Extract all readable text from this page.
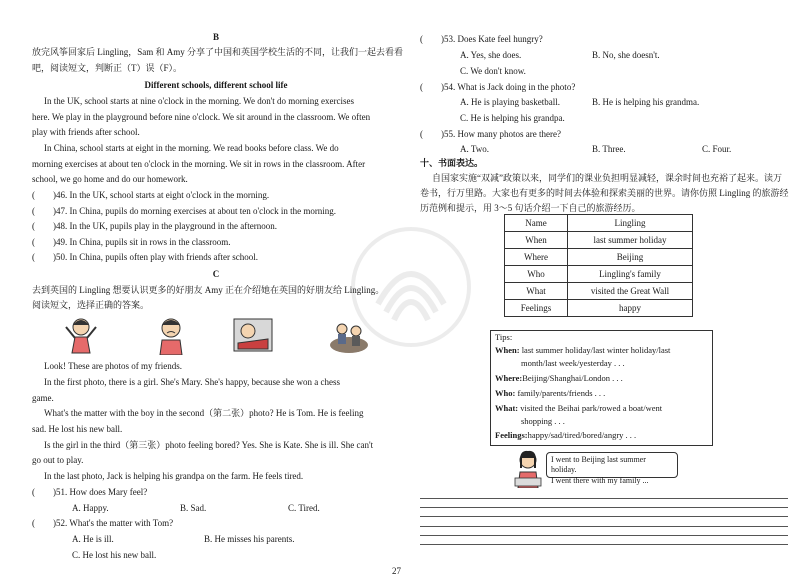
B
放完风筝回家后 Lingling，Sam 和 Amy 分享了中国和英国学校生活的不同，让我们一起去看看
吧，阅读短文，判断正（T）误（F）。
Different schools, different school life
In the UK, school starts at nine o'clock in the morning. We don't do morning exercises
here. We play in the playground before nine o'clock. We sit around in the classroom. We often
play with friends after school.
In China, school starts at eight in the morning. We read books before class. We do
morning exercises at about ten o'clock in the morning. We sit in rows in the classroom. After
school, we go home and do our homework.
(　　)46. In the UK, school starts at eight o'clock in the morning.
(　　)47. In China, pupils do morning exercises at about ten o'clock in the morning.
(　　)48. In the UK, pupils play in the playground in the afternoon.
(　　)49. In China, pupils sit in rows in the classroom.
(　　)50. In China, pupils often play with friends after school.
C
去到英国的 Lingling 想要认识更多的好朋友 Amy 正在介绍她在英国的好朋友给 Lingling。
阅读短文，选择正确的答案。
Look! These are photos of my friends.
In the first photo, there is a girl. She's Mary. She's happy, because she won a chess
game.
What's the matter with the boy in the second（第二张）photo? He is Tom. He is feeling
sad. He lost his new ball.
Is the girl in the third（第三张）photo feeling bored? Yes. She is Kate. She is ill. She can't
go out to play.
In the last photo, Jack is helping his grandpa on the farm. He feels tired.
(　　)51. How does Mary feel?
A. Happy.	B. Sad.	C. Tired.
(　　)52. What's the matter with Tom?
A. He is ill.	B. He misses his parents.
C. He lost his new ball.
(　　)53. Does Kate feel hungry?
A. Yes, she does.	B. No, she doesn't.
C. We don't know.
(　　)54. What is Jack doing in the photo?
A. He is playing basketball.	B. He is helping his grandma.
C. He is helping his grandpa.
(　　)55. How many photos are there?
A. Two.	B. Three.	C. Four.
十、书面表达。
自国家实施“双减”政策以来，同学们的课业负担明显减轻，课余时间也充裕了起来。读万
卷书，行万里路。大家也有更多的时间去体验和探索美丽的世界。请你仿照 Lingling 的旅游经
历范例和提示，用 3～5 句话介绍一下自己的旅游经历。
Name	Lingling
When	last summer holiday
Where	Beijing
Who	Lingling's family
What	visited the Great Wall
Feelings	happy
Tips:
When: last summer holiday/last winter holiday/last
month/last week/yesterday . . .
Where:Beijing/Shanghai/London . . .
Who: family/parents/friends . . .
What: visited the Beihai park/rowed a boat/went
shopping . . .
Feelings:happy/sad/tired/bored/angry . . .
I went to Beijing last summer holiday.
I went there with my family ...
27
